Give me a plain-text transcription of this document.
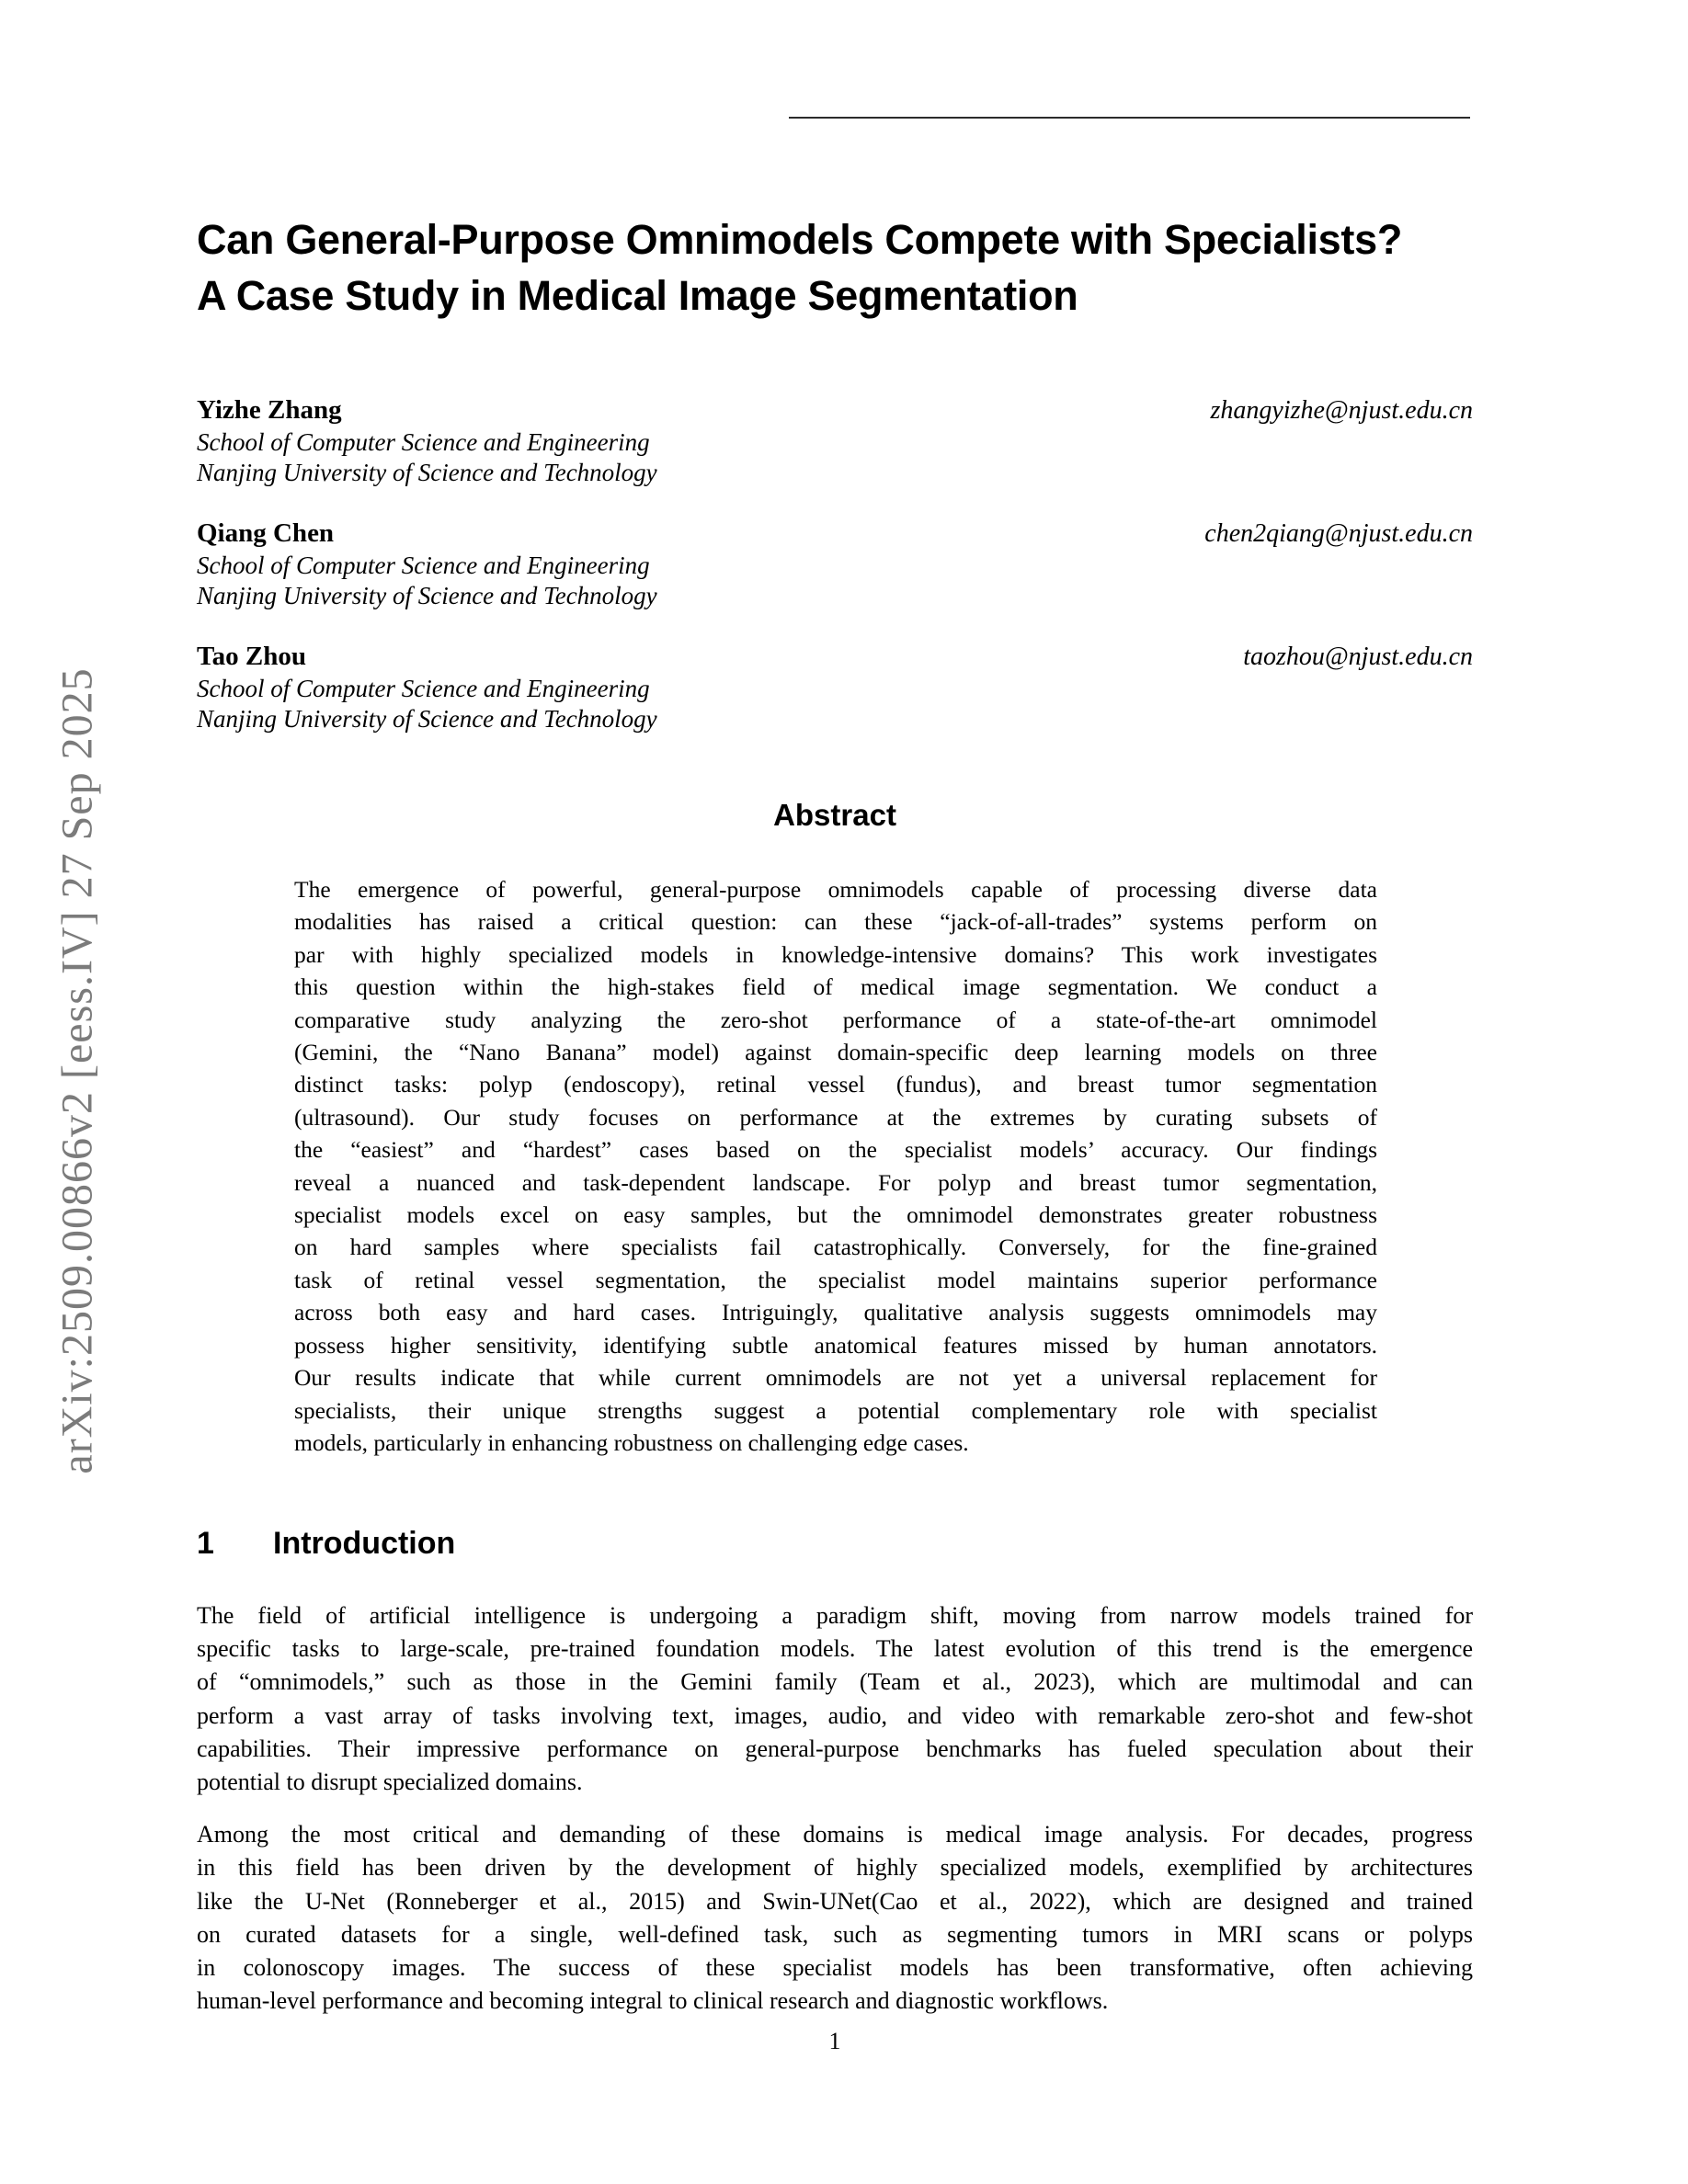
arXiv:2509.00866v2 [eess.IV] 27 Sep 2025
Can General-Purpose Omnimodels Compete with Specialists?
A Case Study in Medical Image Segmentation
Yizhe Zhang	zhangyizhe@njust.edu.cn
School of Computer Science and Engineering
Nanjing University of Science and Technology
Qiang Chen	chen2qiang@njust.edu.cn
School of Computer Science and Engineering
Nanjing University of Science and Technology
Tao Zhou	taozhou@njust.edu.cn
School of Computer Science and Engineering
Nanjing University of Science and Technology
Abstract
The emergence of powerful, general-purpose omnimodels capable of processing diverse data
modalities has raised a critical question: can these “jack-of-all-trades” systems perform on
par with highly specialized models in knowledge-intensive domains? This work investigates
this question within the high-stakes field of medical image segmentation. We conduct a
comparative study analyzing the zero-shot performance of a state-of-the-art omnimodel
(Gemini, the “Nano Banana” model) against domain-specific deep learning models on three
distinct tasks: polyp (endoscopy), retinal vessel (fundus), and breast tumor segmentation
(ultrasound). Our study focuses on performance at the extremes by curating subsets of
the “easiest” and “hardest” cases based on the specialist models’ accuracy. Our findings
reveal a nuanced and task-dependent landscape. For polyp and breast tumor segmentation,
specialist models excel on easy samples, but the omnimodel demonstrates greater robustness
on hard samples where specialists fail catastrophically. Conversely, for the fine-grained
task of retinal vessel segmentation, the specialist model maintains superior performance
across both easy and hard cases. Intriguingly, qualitative analysis suggests omnimodels may
possess higher sensitivity, identifying subtle anatomical features missed by human annotators.
Our results indicate that while current omnimodels are not yet a universal replacement for
specialists, their unique strengths suggest a potential complementary role with specialist
models, particularly in enhancing robustness on challenging edge cases.
1 Introduction
The field of artificial intelligence is undergoing a paradigm shift, moving from narrow models trained for
specific tasks to large-scale, pre-trained foundation models. The latest evolution of this trend is the emergence
of “omnimodels,” such as those in the Gemini family (Team et al., 2023), which are multimodal and can
perform a vast array of tasks involving text, images, audio, and video with remarkable zero-shot and few-shot
capabilities. Their impressive performance on general-purpose benchmarks has fueled speculation about their
potential to disrupt specialized domains.
Among the most critical and demanding of these domains is medical image analysis. For decades, progress
in this field has been driven by the development of highly specialized models, exemplified by architectures
like the U-Net (Ronneberger et al., 2015) and Swin-UNet(Cao et al., 2022), which are designed and trained
on curated datasets for a single, well-defined task, such as segmenting tumors in MRI scans or polyps
in colonoscopy images. The success of these specialist models has been transformative, often achieving
human-level performance and becoming integral to clinical research and diagnostic workflows.
1
